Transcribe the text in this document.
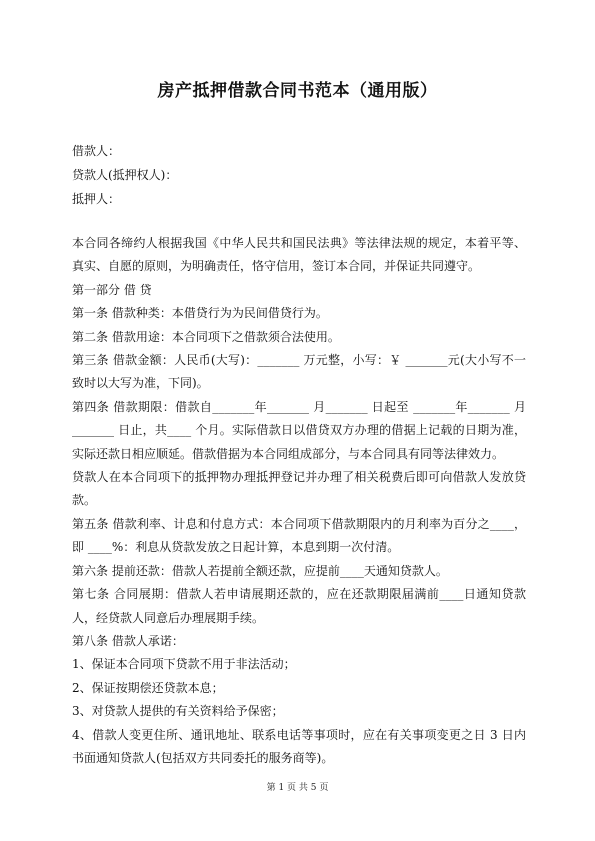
房产抵押借款合同书范本（通用版）
借款人：
贷款人(抵押权人)：
抵押人：

本合同各缔约人根据我国《中华人民共和国民法典》等法律法规的规定，本着平等、真实、自愿的原则，为明确责任，恪守信用，签订本合同，并保证共同遵守。

第一部分 借 贷

第一条 借款种类：本借贷行为为民间借贷行为。

第二条 借款用途：本合同项下之借款须合法使用。

第三条 借款金额：人民币(大写)：_______ 万元整，小写：￥ _______元(大小写不一致时以大写为准，下同)。

第四条 借款期限：借款自_______年_______ 月_______ 日起至 _______年_______ 月_______ 日止，共____ 个月。实际借款日以借贷双方办理的借据上记载的日期为准，实际还款日相应顺延。借款借据为本合同组成部分，与本合同具有同等法律效力。

贷款人在本合同项下的抵押物办理抵押登记并办理了相关税费后即可向借款人发放贷款。

第五条 借款利率、计息和付息方式：本合同项下借款期限内的月利率为百分之____，即 ____%：利息从贷款发放之日起计算，本息到期一次付清。

第六条 提前还款：借款人若提前全额还款，应提前____天通知贷款人。

第七条 合同展期：借款人若申请展期还款的，应在还款期限届满前____日通知贷款人，经贷款人同意后办理展期手续。

第八条 借款人承诺：

1、保证本合同项下贷款不用于非法活动；

2、保证按期偿还贷款本息；

3、对贷款人提供的有关资料给予保密；

4、借款人变更住所、通讯地址、联系电话等事项时，应在有关事项变更之日 3 日内书面通知贷款人(包括双方共同委托的服务商等)。

第 1 页 共 5 页
